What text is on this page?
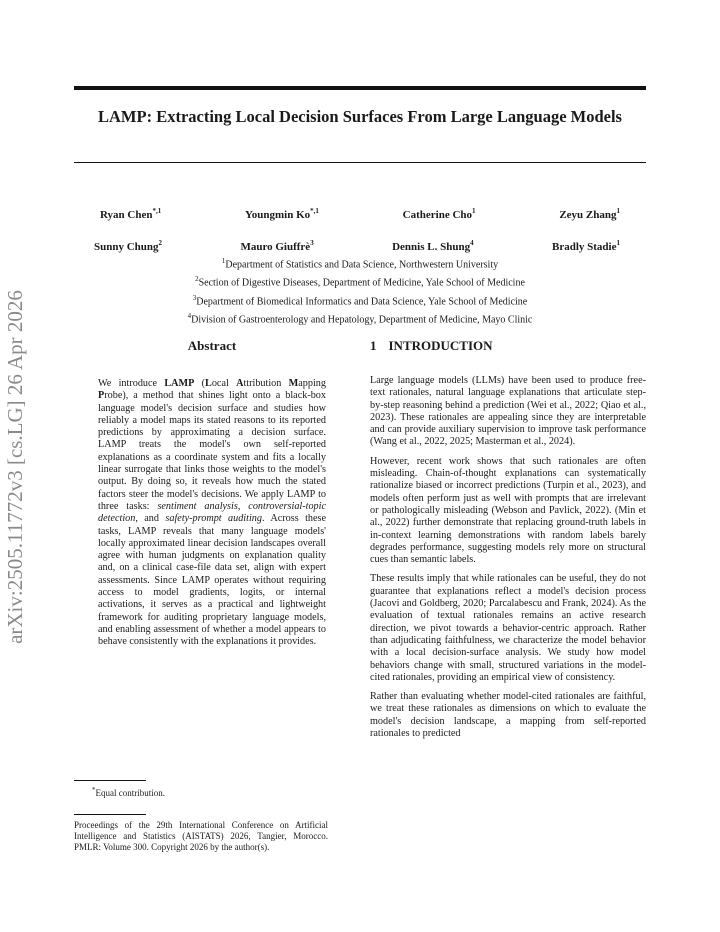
arXiv:2505.11772v3 [cs.LG] 26 Apr 2026
LAMP: Extracting Local Decision Surfaces From Large Language Models
Ryan Chen$^{*,1}$	Youngmin $Ko^{*,1}$	Catherine Cho$^1$	Zeyu Zhang$^1$
Sunny Chung$^2$	Mauro Giuffrè$^3$	Dennis L. Shung$^4$	Bradly Stadie$^1$
$^1$Department of Statistics and Data Science, Northwestern University
$^2$Section of Digestive Diseases, Department of Medicine, Yale School of Medicine
$^3$Department of Biomedical Informatics and Data Science, Yale School of Medicine
$^4$Division of Gastroenterology and Hepatology, Department of Medicine, Mayo Clinic
Abstract
We introduce LAMP (Local Attribution Mapping Probe), a method that shines light onto a black-box language model's decision surface and studies how reliably a model maps its stated reasons to its reported predictions by approximating a decision surface. LAMP treats the model's own self-reported explanations as a coordinate system and fits a locally linear surrogate that links those weights to the model's output. By doing so, it reveals how much the stated factors steer the model's decisions. We apply LAMP to three tasks: sentiment analysis, controversial-topic detection, and safety-prompt auditing. Across these tasks, LAMP reveals that many language models' locally approximated linear decision landscapes overall agree with human judgments on explanation quality and, on a clinical case-file data set, align with expert assessments. Since LAMP operates without requiring access to model gradients, logits, or internal activations, it serves as a practical and lightweight framework for auditing proprietary language models, and enabling assessment of whether a model appears to behave consistently with the explanations it provides.
*Equal contribution.
Proceedings of the 29th International Conference on Artificial Intelligence and Statistics (AISTATS) 2026, Tangier, Morocco. PMLR: Volume 300. Copyright 2026 by the author(s).
1 INTRODUCTION

Large language models (LLMs) have been used to produce free-text rationales, natural language explanations that articulate step-by-step reasoning behind a prediction (Wei et al., 2022; Qiao et al., 2023). These rationales are appealing since they are interpretable and can provide auxiliary supervision to improve task performance (Wang et al., 2022, 2025; Masterman et al., 2024).

However, recent work shows that such rationales are often misleading. Chain-of-thought explanations can systematically rationalize biased or incorrect predictions (Turpin et al., 2023), and models often perform just as well with prompts that are irrelevant or pathologically misleading (Webson and Pavlick, 2022). (Min et al., 2022) further demonstrate that replacing ground-truth labels in in-context learning demonstrations with random labels barely degrades performance, suggesting models rely more on structural cues than semantic labels.

These results imply that while rationales can be useful, they do not guarantee that explanations reflect a model's decision process (Jacovi and Goldberg, 2020; Parcalabescu and Frank, 2024). As the evaluation of textual rationales remains an active research direction, we pivot towards a behavior-centric approach. Rather than adjudicating faithfulness, we characterize the model behavior with a local decision-surface analysis. We study how model behaviors change with small, structured variations in the model-cited rationales, providing an empirical view of consistency.

Rather than evaluating whether model-cited rationales are faithful, we treat these rationales as dimensions on which to evaluate the model's decision landscape, a mapping from self-reported rationales to predicted
